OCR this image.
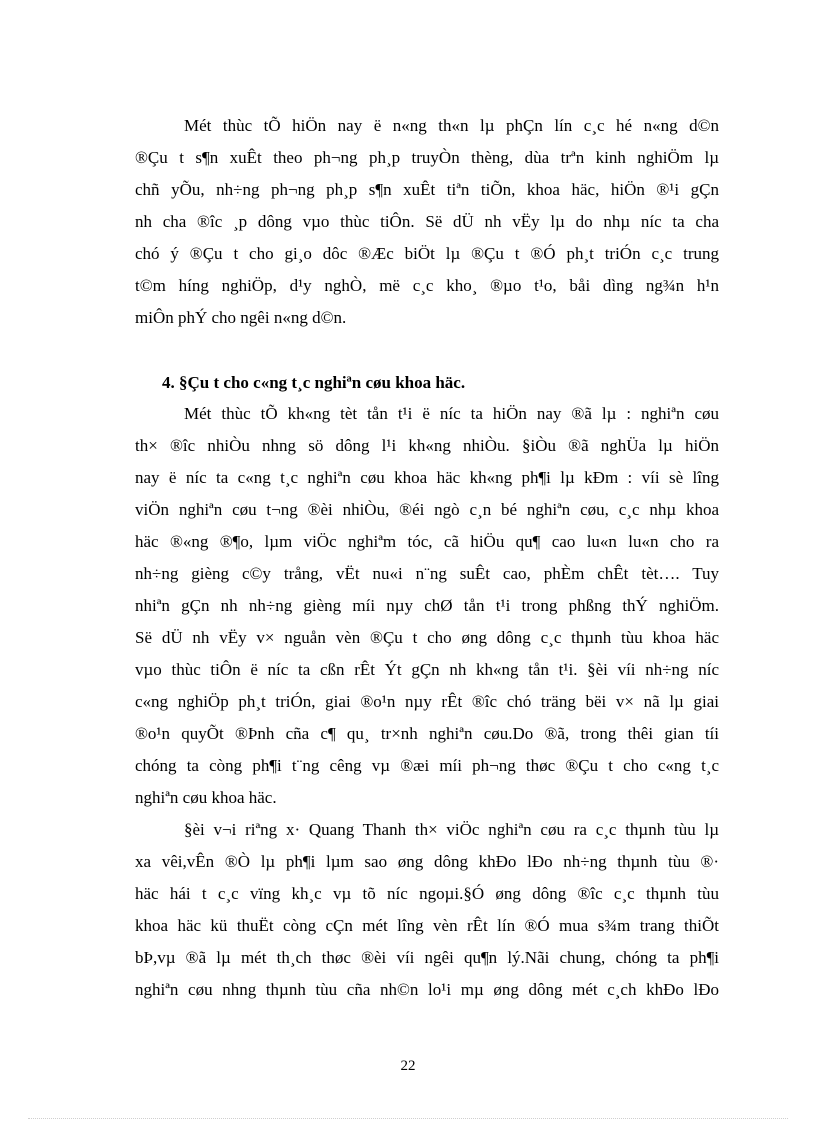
Mét thùc tÕ hiÖn nay ë n«ng th«n lµ phÇn lín c¸c hé n«ng d©n
®Çu t s¶n xuÊt theo ph¬ng ph¸p truyÒn thèng, dùa trªn kinh nghiÖm lµ
chñ yÕu, nh÷ng ph¬ng ph¸p s¶n xuÊt tiªn tiÕn, khoa häc, hiÖn ®¹i gÇn
nh cha ®îc ¸p dông vµo thùc tiÔn. Së dÜ nh vËy lµ do nhµ níc ta cha
chó ý ®Çu t cho gi¸o dôc ®Æc biÖt lµ ®Çu t ®Ó ph¸t triÓn c¸c trung
t©m híng nghiÖp, d¹y nghÒ, më c¸c kho¸ ®µo t¹o, båi dìng ng¾n h¹n
miÔn phÝ cho ngêi n«ng d©n.
4. §Çu t cho c«ng t¸c nghiªn cøu khoa häc.
Mét thùc tÕ kh«ng tèt tån t¹i ë níc ta hiÖn nay ®ã lµ : nghiªn cøu
th× ®îc nhiÒu nhng sö dông l¹i kh«ng nhiÒu. §iÒu ®ã nghÜa lµ hiÖn
nay ë níc ta c«ng t¸c nghiªn cøu khoa häc kh«ng ph¶i lµ kÐm : víi sè lîng
viÖn nghiªn cøu t¬ng ®èi nhiÒu, ®éi ngò c¸n bé nghiªn cøu, c¸c nhµ khoa
häc ®«ng ®¶o, lµm viÖc nghiªm tóc, cã hiÖu qu¶ cao lu«n lu«n cho ra
nh÷ng gièng c©y trång, vËt nu«i n¨ng suÊt cao, phÈm chÊt tèt…. Tuy
nhiªn gÇn nh nh÷ng gièng míi nµy chØ tån t¹i trong phßng thÝ nghiÖm.
Së dÜ nh vËy v× nguån vèn ®Çu t cho øng dông c¸c thµnh tùu khoa häc
vµo thùc tiÔn ë níc ta cßn rÊt Ýt gÇn nh kh«ng tån t¹i. §èi víi nh÷ng níc
c«ng nghiÖp ph¸t triÓn, giai ®o¹n nµy rÊt ®îc chó träng bëi v× nã lµ giai
®o¹n quyÕt ®Þnh cña c¶ qu¸ tr×nh nghiªn cøu.Do ®ã, trong thêi gian tíi
chóng ta còng ph¶i t¨ng cêng vµ ®æi míi ph¬ng thøc ®Çu t cho c«ng t¸c
nghiªn cøu khoa häc.
§èi v¬i riªng x· Quang Thanh th× viÖc nghiªn cøu ra c¸c thµnh tùu lµ
xa vêi,vÊn ®Ò lµ ph¶i lµm sao øng dông khÐo lÐo nh÷ng thµnh tùu ®·
häc hái t c¸c vïng kh¸c vµ tõ níc ngoµi.§Ó øng dông ®îc c¸c thµnh tùu
khoa häc kü thuËt còng cÇn mét lîng vèn rÊt lín ®Ó mua s¾m trang thiÕt
bÞ,vµ ®ã lµ mét th¸ch thøc ®èi víi ngêi qu¶n lý.Nãi chung, chóng ta ph¶i
nghiªn cøu nhng thµnh tùu cña nh©n lo¹i mµ øng dông mét c¸ch khÐo lÐo
22
